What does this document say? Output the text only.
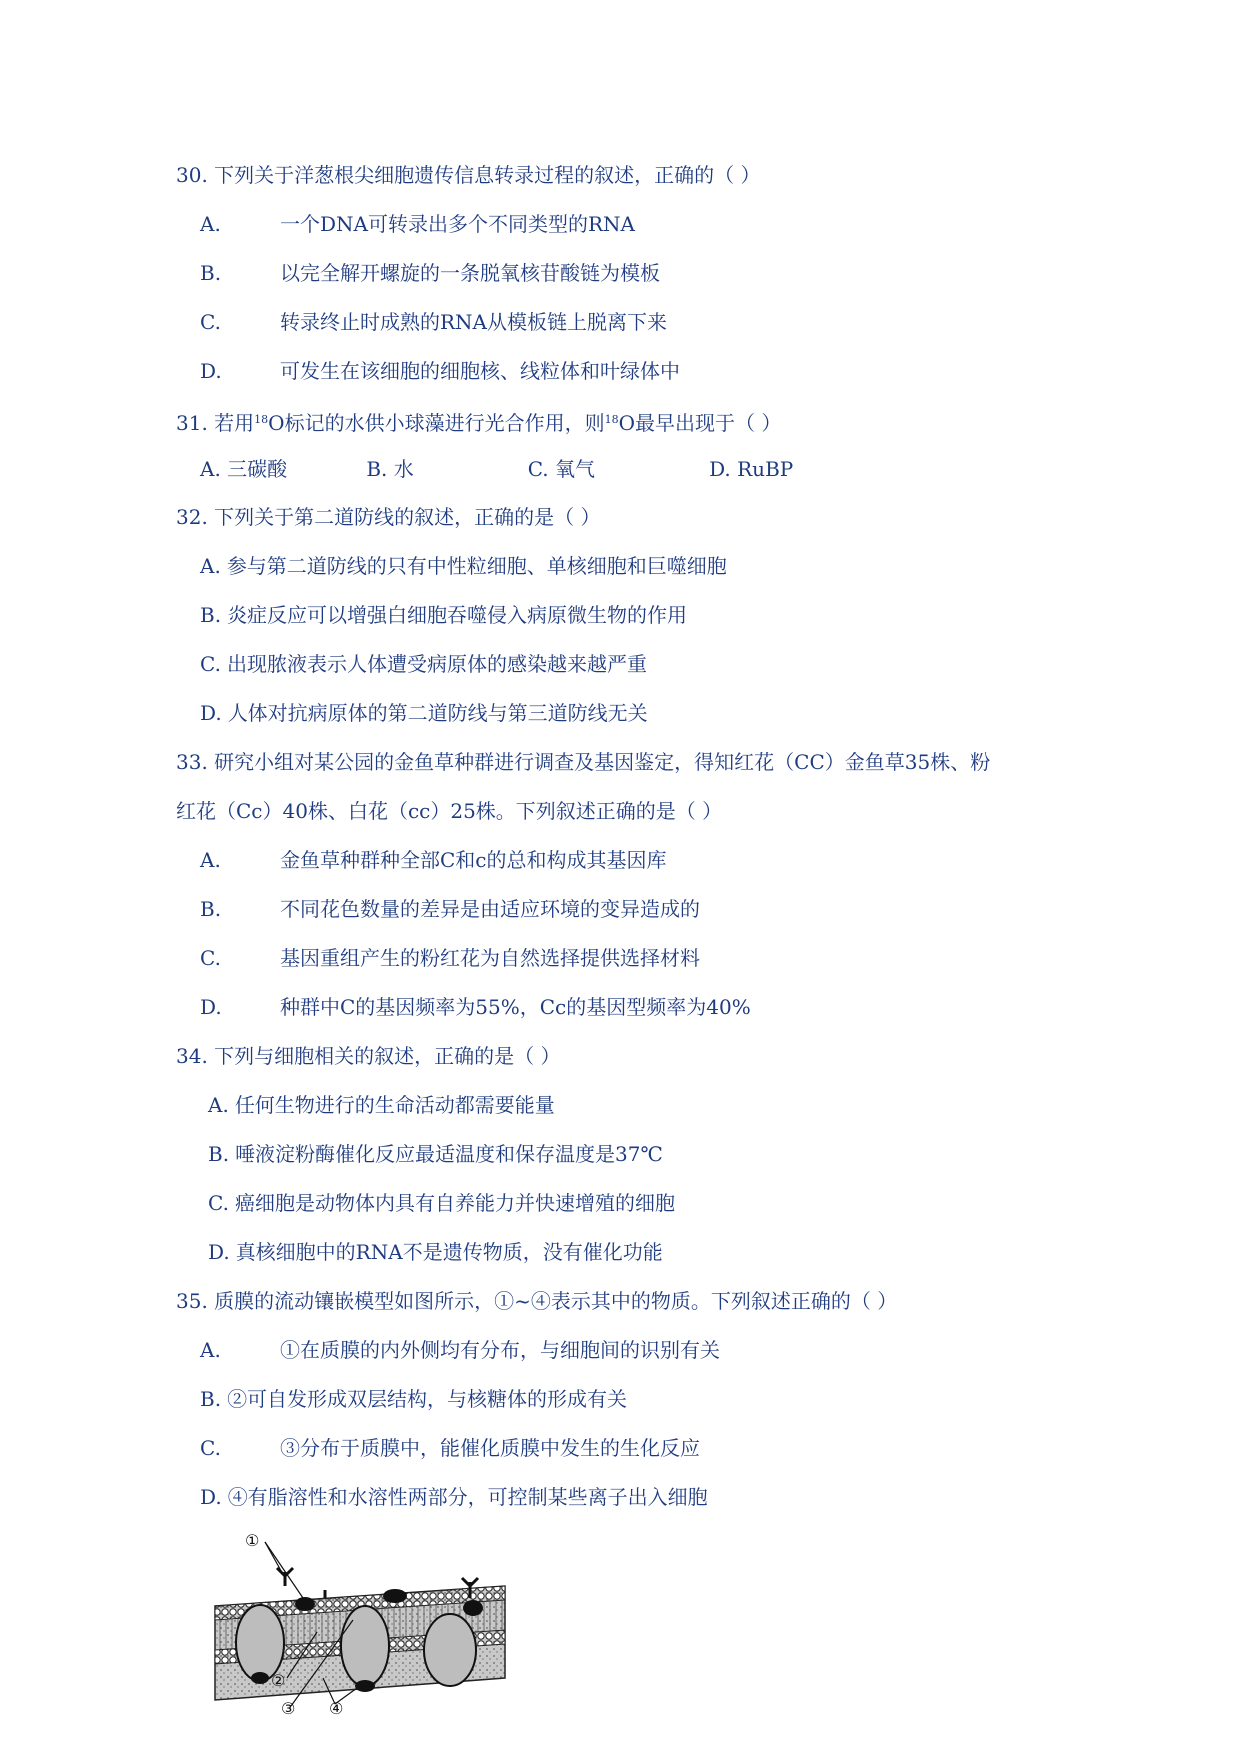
30. 下列关于洋葱根尖细胞遗传信息转录过程的叙述，正确的（ ）
A.	一个DNA可转录出多个不同类型的RNA
B.	以完全解开螺旋的一条脱氧核苷酸链为模板
C.	转录终止时成熟的RNA从模板链上脱离下来
D.	可发生在该细胞的细胞核、线粒体和叶绿体中
31. 若用$^{18}$O标记的水供小球藻进行光合作用，则$^{18}$O最早出现于（ ）
A. 三碳酸	B. 水	C. 氧气	D. RuBP
32. 下列关于第二道防线的叙述，正确的是（ ）
A. 参与第二道防线的只有中性粒细胞、单核细胞和巨噬细胞
B. 炎症反应可以增强白细胞吞噬侵入病原微生物的作用
C. 出现脓液表示人体遭受病原体的感染越来越严重
D. 人体对抗病原体的第二道防线与第三道防线无关
33. 研究小组对某公园的金鱼草种群进行调查及基因鉴定，得知红花（CC）金鱼草35株、粉
红花（Cc）40株、白花（cc）25株。下列叙述正确的是（ ）
A.	金鱼草种群种全部C和c的总和构成其基因库
B.	不同花色数量的差异是由适应环境的变异造成的
C.	基因重组产生的粉红花为自然选择提供选择材料
D.	种群中C的基因频率为55%，Cc的基因型频率为40%
34. 下列与细胞相关的叙述，正确的是（ ）
A. 任何生物进行的生命活动都需要能量
B. 唾液淀粉酶催化反应最适温度和保存温度是37℃
C. 癌细胞是动物体内具有自养能力并快速增殖的细胞
D. 真核细胞中的RNA不是遗传物质，没有催化功能
35. 质膜的流动镶嵌模型如图所示，①~④表示其中的物质。下列叙述正确的（ ）
A.	①在质膜的内外侧均有分布，与细胞间的识别有关
B. ②可自发形成双层结构，与核糖体的形成有关
C.	③分布于质膜中，能催化质膜中发生的生化反应
D. ④有脂溶性和水溶性两部分，可控制某些离子出入细胞
①
②
③ ④
